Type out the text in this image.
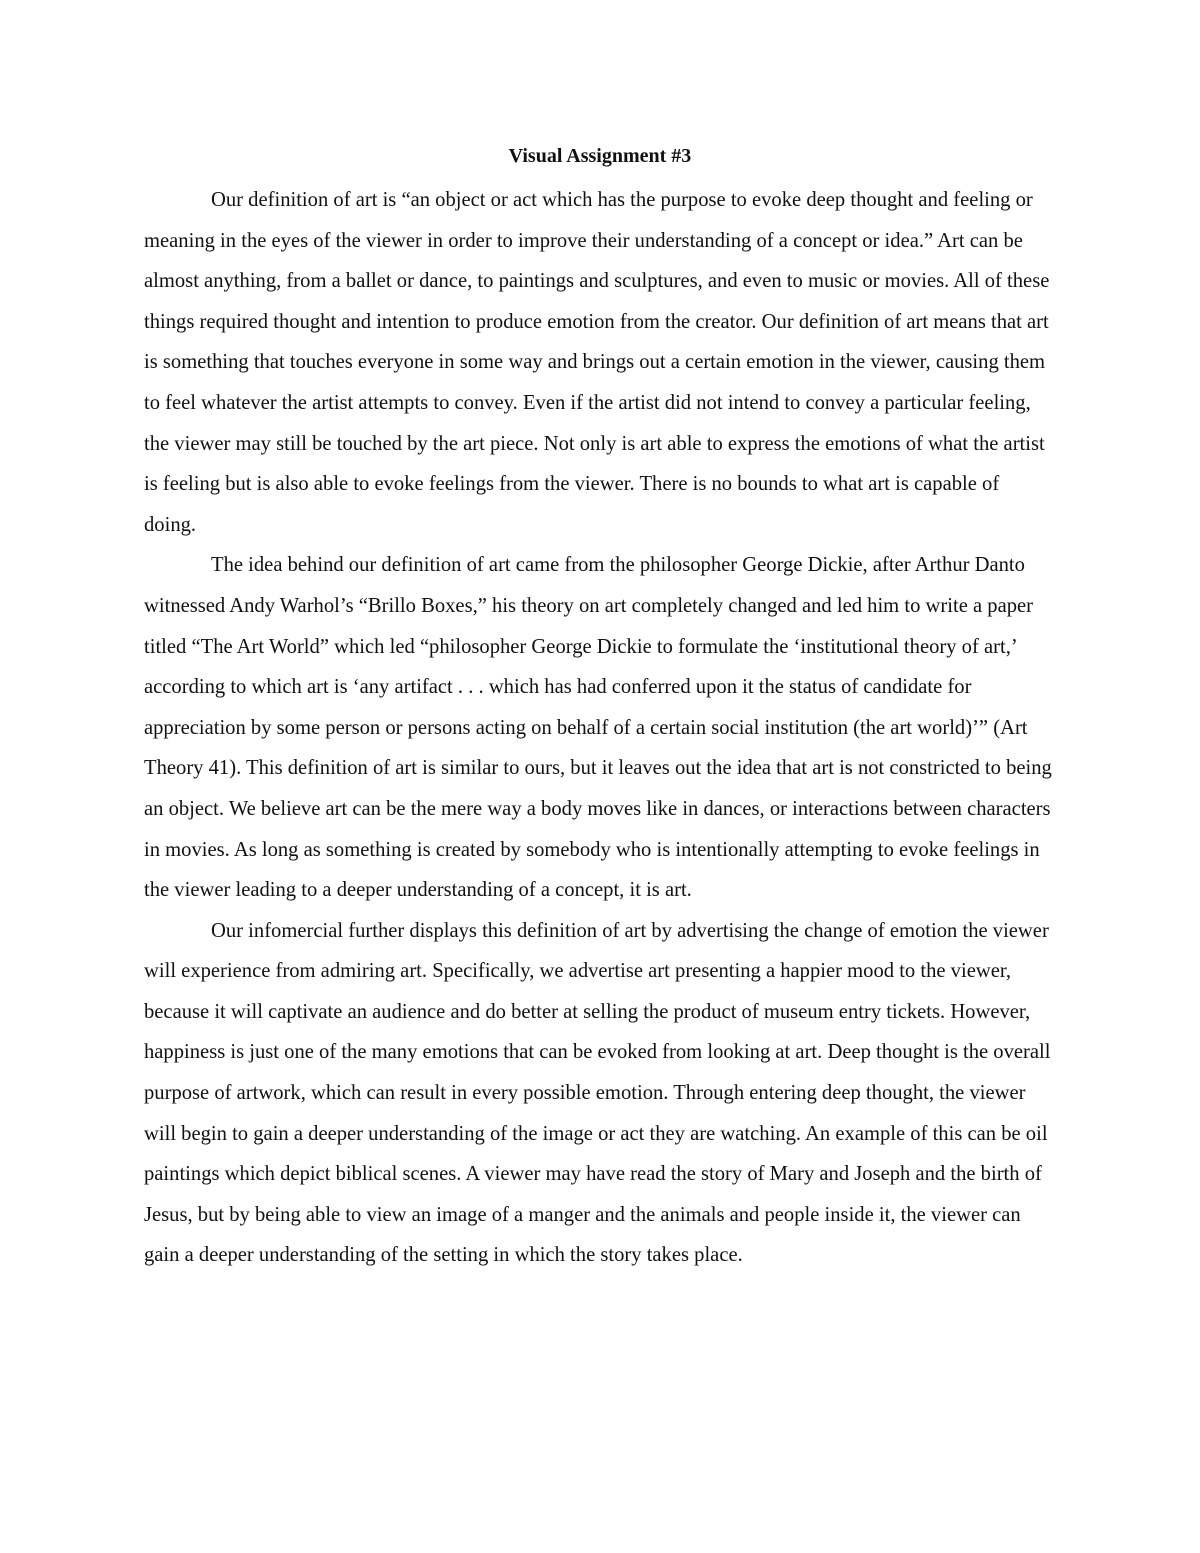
Visual Assignment #3

Our definition of art is “an object or act which has the purpose to evoke deep thought and feeling or meaning in the eyes of the viewer in order to improve their understanding of a concept or idea.” Art can be almost anything, from a ballet or dance, to paintings and sculptures, and even to music or movies. All of these things required thought and intention to produce emotion from the creator. Our definition of art means that art is something that touches everyone in some way and brings out a certain emotion in the viewer, causing them to feel whatever the artist attempts to convey. Even if the artist did not intend to convey a particular feeling, the viewer may still be touched by the art piece. Not only is art able to express the emotions of what the artist is feeling but is also able to evoke feelings from the viewer. There is no bounds to what art is capable of doing.

The idea behind our definition of art came from the philosopher George Dickie, after Arthur Danto witnessed Andy Warhol’s “Brillo Boxes,” his theory on art completely changed and led him to write a paper titled “The Art World” which led “philosopher George Dickie to formulate the ‘institutional theory of art,’ according to which art is ‘any artifact . . . which has had conferred upon it the status of candidate for appreciation by some person or persons acting on behalf of a certain social institution (the art world)’” (Art Theory 41). This definition of art is similar to ours, but it leaves out the idea that art is not constricted to being an object. We believe art can be the mere way a body moves like in dances, or interactions between characters in movies. As long as something is created by somebody who is intentionally attempting to evoke feelings in the viewer leading to a deeper understanding of a concept, it is art.

Our infomercial further displays this definition of art by advertising the change of emotion the viewer will experience from admiring art. Specifically, we advertise art presenting a happier mood to the viewer, because it will captivate an audience and do better at selling the product of museum entry tickets. However, happiness is just one of the many emotions that can be evoked from looking at art. Deep thought is the overall purpose of artwork, which can result in every possible emotion. Through entering deep thought, the viewer will begin to gain a deeper understanding of the image or act they are watching. An example of this can be oil paintings which depict biblical scenes. A viewer may have read the story of Mary and Joseph and the birth of Jesus, but by being able to view an image of a manger and the animals and people inside it, the viewer can gain a deeper understanding of the setting in which the story takes place.
